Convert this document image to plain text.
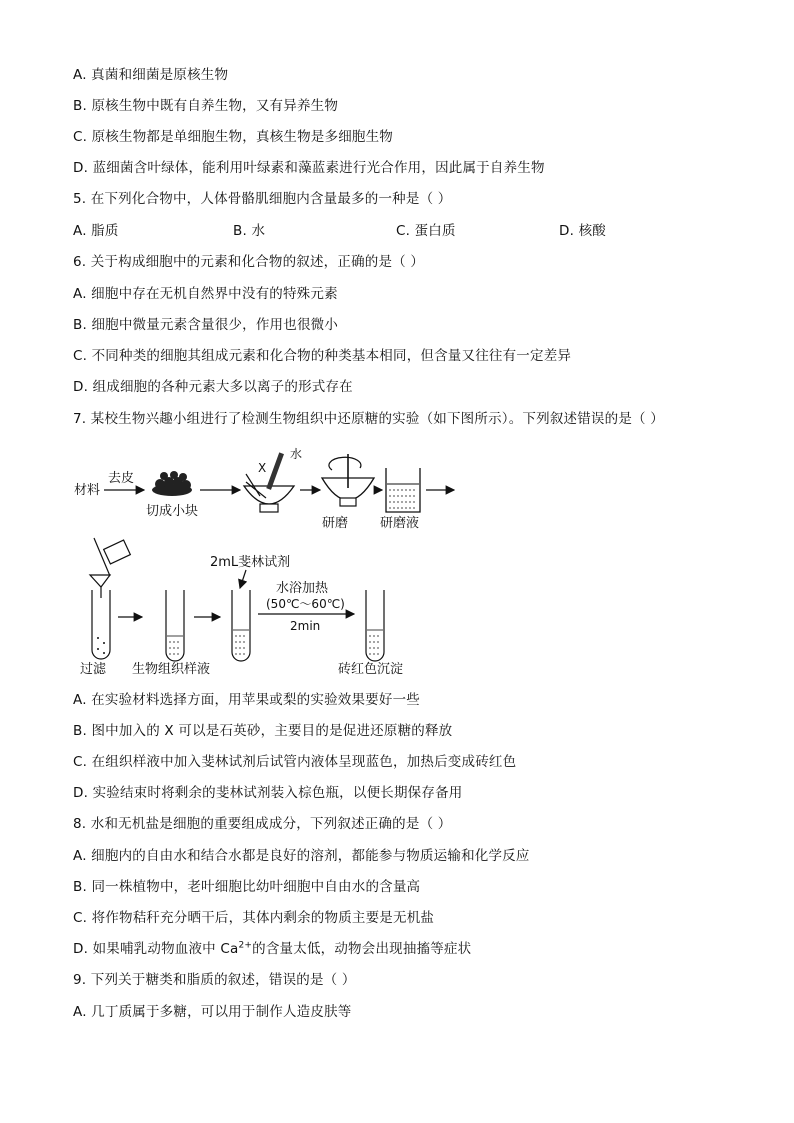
A. 真菌和细菌是原核生物
B. 原核生物中既有自养生物，又有异养生物
C. 原核生物都是单细胞生物，真核生物是多细胞生物
D. 蓝细菌含叶绿体，能利用叶绿素和藻蓝素进行光合作用，因此属于自养生物
5. 在下列化合物中，人体骨骼肌细胞内含量最多的一种是（ ）
A. 脂质	B. 水	C. 蛋白质	D. 核酸
6. 关于构成细胞中的元素和化合物的叙述，正确的是（ ）
A. 细胞中存在无机自然界中没有的特殊元素
B. 细胞中微量元素含量很少，作用也很微小
C. 不同种类的细胞其组成元素和化合物的种类基本相同，但含量又往往有一定差异
D. 组成细胞的各种元素大多以离子的形式存在
7. 某校生物兴趣小组进行了检测生物组织中还原糖的实验（如下图所示）。下列叙述错误的是（ ）
材料
去皮
切成小块
X
水
研磨 研磨液
过滤 生物组织样液
2mL斐林试剂
水浴加热
(50℃～60℃)
2min
砖红色沉淀
A. 在实验材料选择方面，用苹果或梨的实验效果要好一些
B. 图中加入的 X 可以是石英砂，主要目的是促进还原糖的释放
C. 在组织样液中加入斐林试剂后试管内液体呈现蓝色，加热后变成砖红色
D. 实验结束时将剩余的斐林试剂装入棕色瓶，以便长期保存备用
8. 水和无机盐是细胞的重要组成成分，下列叙述正确的是（ ）
A. 细胞内的自由水和结合水都是良好的溶剂，都能参与物质运输和化学反应
B. 同一株植物中，老叶细胞比幼叶细胞中自由水的含量高
C. 将作物秸秆充分晒干后，其体内剩余的物质主要是无机盐
D. 如果哺乳动物血液中 $Ca^{2+}$的含量太低，动物会出现抽搐等症状
9. 下列关于糖类和脂质的叙述，错误的是（ ）
A. 几丁质属于多糖，可以用于制作人造皮肤等
